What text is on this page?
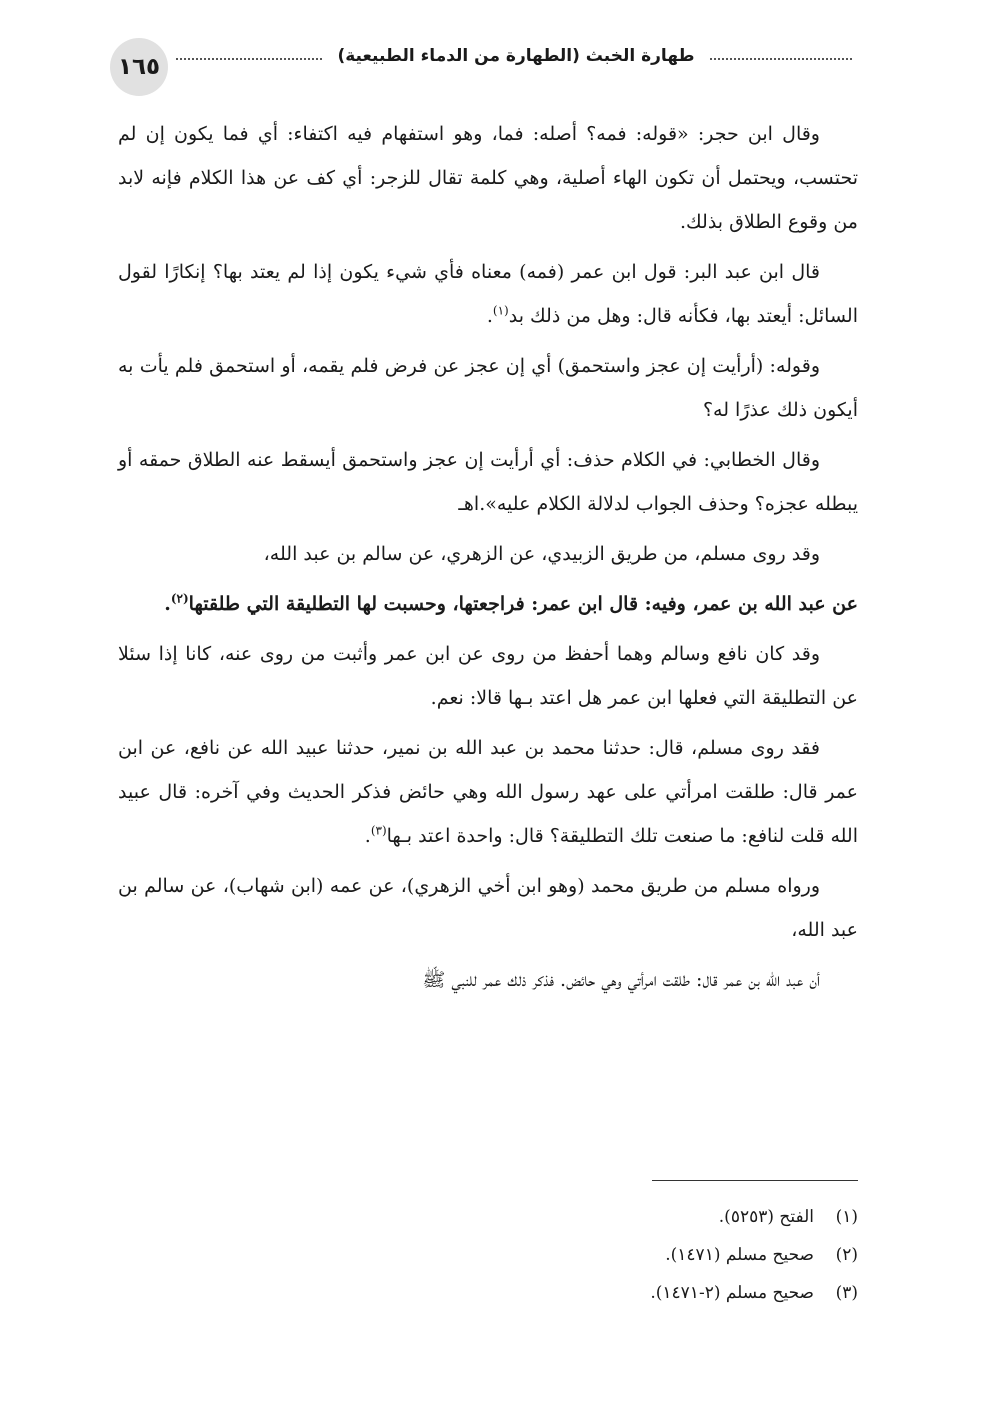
١٦٥	طهارة الخبث (الطهارة من الدماء الطبيعية)

وقال ابن حجر: «قوله: فمه؟ أصله: فما، وهو استفهام فيه اكتفاء: أي فما يكون إن لم تحتسب، ويحتمل أن تكون الهاء أصلية، وهي كلمة تقال للزجر: أي كف عن هذا الكلام فإنه لابد من وقوع الطلاق بذلك.

قال ابن عبد البر: قول ابن عمر (فمه) معناه فأي شيء يكون إذا لم يعتد بها؟ إنكارًا لقول السائل: أيعتد بها، فكأنه قال: وهل من ذلك بد$^{(١)}$.

وقوله: (أرأيت إن عجز واستحمق) أي إن عجز عن فرض فلم يقمه، أو استحمق فلم يأت به أيكون ذلك عذرًا له؟

وقال الخطابي: في الكلام حذف: أي أرأيت إن عجز واستحمق أيسقط عنه الطلاق حمقه أو يبطله عجزه؟ وحذف الجواب لدلالة الكلام عليه».اهـ

وقد روى مسلم، من طريق الزبيدي، عن الزهري، عن سالم بن عبد الله،

عن عبد الله بن عمر، وفيه: قال ابن عمر: فراجعتها، وحسبت لها التطليقة التي طلقتها$^{(٢)}$.

وقد كان نافع وسالم وهما أحفظ من روى عن ابن عمر وأثبت من روى عنه، كانا إذا سئلا عن التطليقة التي فعلها ابن عمر هل اعتد بـها قالا: نعم.

فقد روى مسلم، قال: حدثنا محمد بن عبد الله بن نمير، حدثنا عبيد الله عن نافع، عن ابن عمر قال: طلقت امرأتي على عهد رسول الله وهي حائض فذكر الحديث وفي آخره: قال عبيد الله قلت لنافع: ما صنعت تلك التطليقة؟ قال: واحدة اعتد بـها$^{(٣)}$.

ورواه مسلم من طريق محمد (وهو ابن أخي الزهري)، عن عمه (ابن شهاب)، عن سالم بن عبد الله،

أن عبد الله بن عمر قال: طلقت امرأتي وهي حائض. فذكر ذلك عمر للنبي ﷺ

(١)
الفتح (٥٢٥٣).
(٢)
صحيح مسلم (١٤٧١).
(٣)
صحيح مسلم (٢-١٤٧١).
